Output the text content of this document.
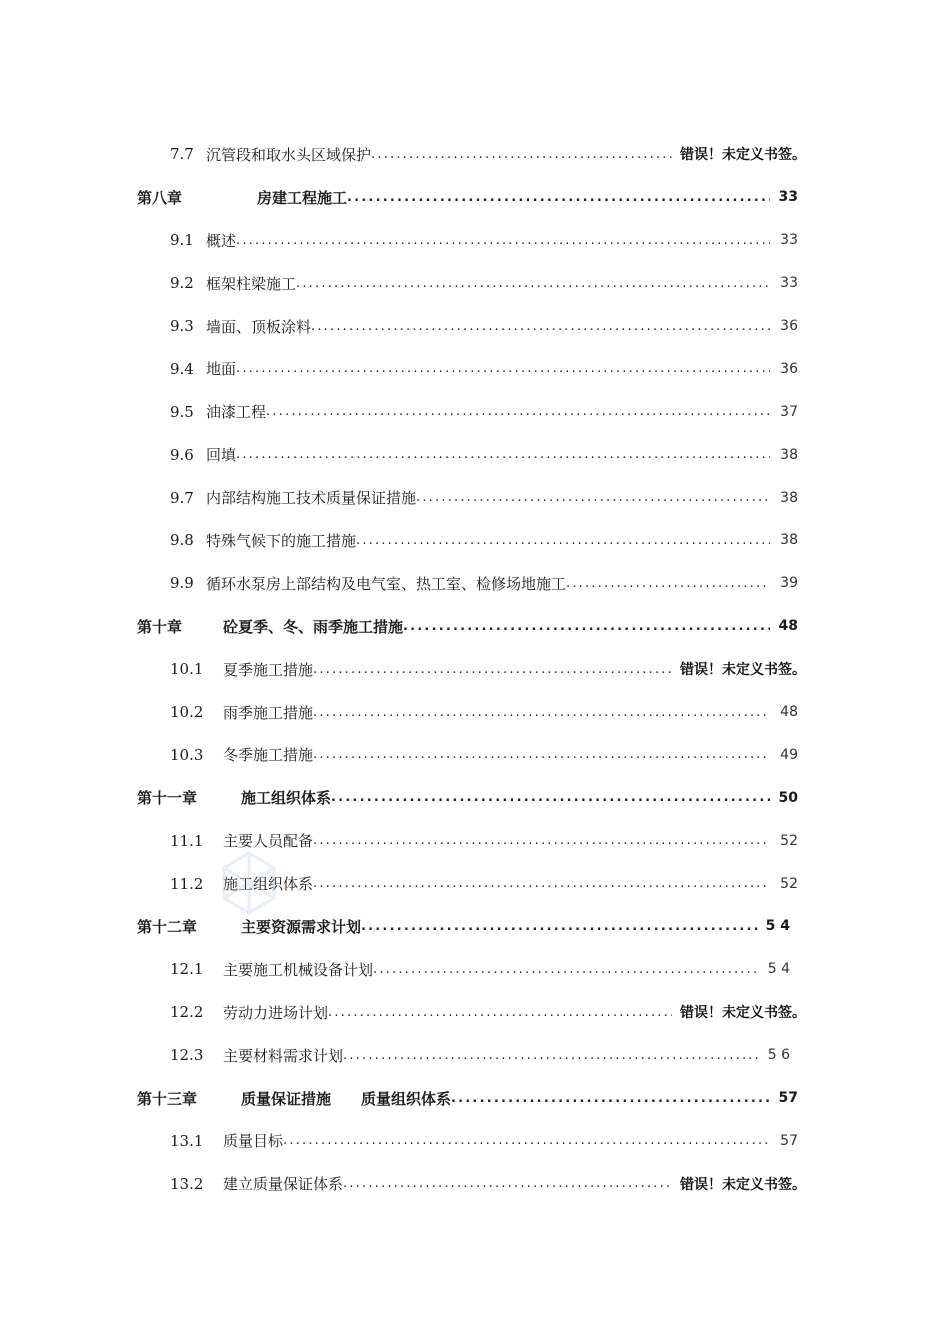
7.7 沉管段和取水头区域保护 .....	错误！未定义书签。
第八章	房建工程施工 .....	33
9.1 概述 .....	33
9.2 框架柱梁施工 .....	33
9.3 墙面、顶板涂料 .....	36
9.4 地面 .....	36
9.5 油漆工程 .....	37
9.6 回填 .....	38
9.7 内部结构施工技术质量保证措施 .....	38
9.8 特殊气候下的施工措施 .....	38
9.9 循环水泵房上部结构及电气室、热工室、检修场地施工 .....	39
第十章	砼夏季、冬、雨季施工措施 .....	48
10.1	夏季施工措施 .....	错误！未定义书签。
10.2	雨季施工措施 .....	48
10.3	冬季施工措施 .....	49
第十一章	施工组织体系 .....	50
11.1	主要人员配备 .....	52
11.2	施工组织体系 .....	52
第十二章	主要资源需求计划 .....	5 4
12.1	主要施工机械设备计划 .....	5 4
12.2	劳动力进场计划 .....	错误！未定义书签。
12.3	主要材料需求计划 .....	5 6
第十三章	质量保证措施　　质量组织体系 .....	57
13.1	质量目标 .....	57
13.2	建立质量保证体系 .....	错误！未定义书签。
